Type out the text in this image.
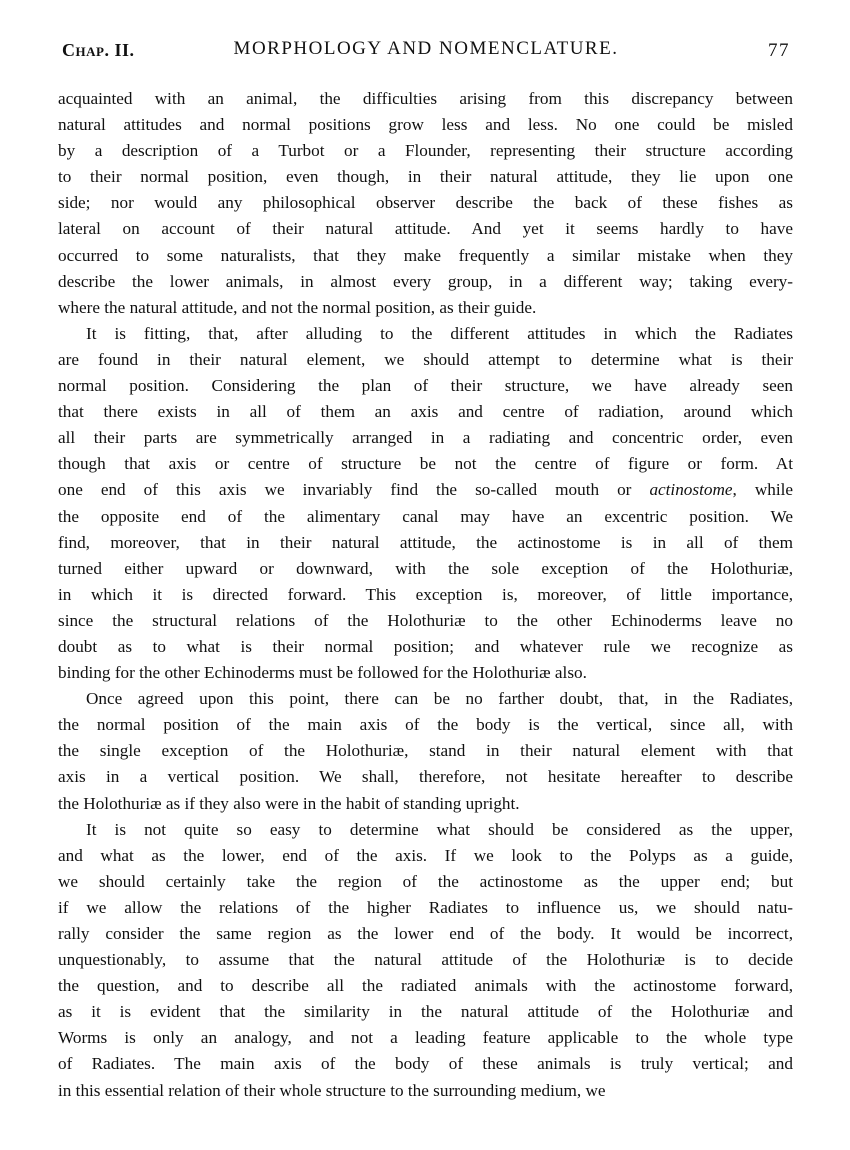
Chap. II.	MORPHOLOGY AND NOMENCLATURE.	77
acquainted with an animal, the difficulties arising from this discrepancy between
natural attitudes and normal positions grow less and less. No one could be misled
by a description of a Turbot or a Flounder, representing their structure according
to their normal position, even though, in their natural attitude, they lie upon one
side; nor would any philosophical observer describe the back of these fishes as
lateral on account of their natural attitude. And yet it seems hardly to have
occurred to some naturalists, that they make frequently a similar mistake when they
describe the lower animals, in almost every group, in a different way; taking every-
where the natural attitude, and not the normal position, as their guide.
It is fitting, that, after alluding to the different attitudes in which the Radiates
are found in their natural element, we should attempt to determine what is their
normal position. Considering the plan of their structure, we have already seen
that there exists in all of them an axis and centre of radiation, around which
all their parts are symmetrically arranged in a radiating and concentric order, even
though that axis or centre of structure be not the centre of figure or form. At
one end of this axis we invariably find the so-called mouth or actinostome, while
the opposite end of the alimentary canal may have an excentric position. We
find, moreover, that in their natural attitude, the actinostome is in all of them
turned either upward or downward, with the sole exception of the Holothuriæ,
in which it is directed forward. This exception is, moreover, of little importance,
since the structural relations of the Holothuriæ to the other Echinoderms leave no
doubt as to what is their normal position; and whatever rule we recognize as
binding for the other Echinoderms must be followed for the Holothuriæ also.
Once agreed upon this point, there can be no farther doubt, that, in the Radiates,
the normal position of the main axis of the body is the vertical, since all, with
the single exception of the Holothuriæ, stand in their natural element with that
axis in a vertical position. We shall, therefore, not hesitate hereafter to describe
the Holothuriæ as if they also were in the habit of standing upright.
It is not quite so easy to determine what should be considered as the upper,
and what as the lower, end of the axis. If we look to the Polyps as a guide,
we should certainly take the region of the actinostome as the upper end; but
if we allow the relations of the higher Radiates to influence us, we should natu-
rally consider the same region as the lower end of the body. It would be incorrect,
unquestionably, to assume that the natural attitude of the Holothuriæ is to decide
the question, and to describe all the radiated animals with the actinostome forward,
as it is evident that the similarity in the natural attitude of the Holothuriæ and
Worms is only an analogy, and not a leading feature applicable to the whole type
of Radiates. The main axis of the body of these animals is truly vertical; and
in this essential relation of their whole structure to the surrounding medium, we
